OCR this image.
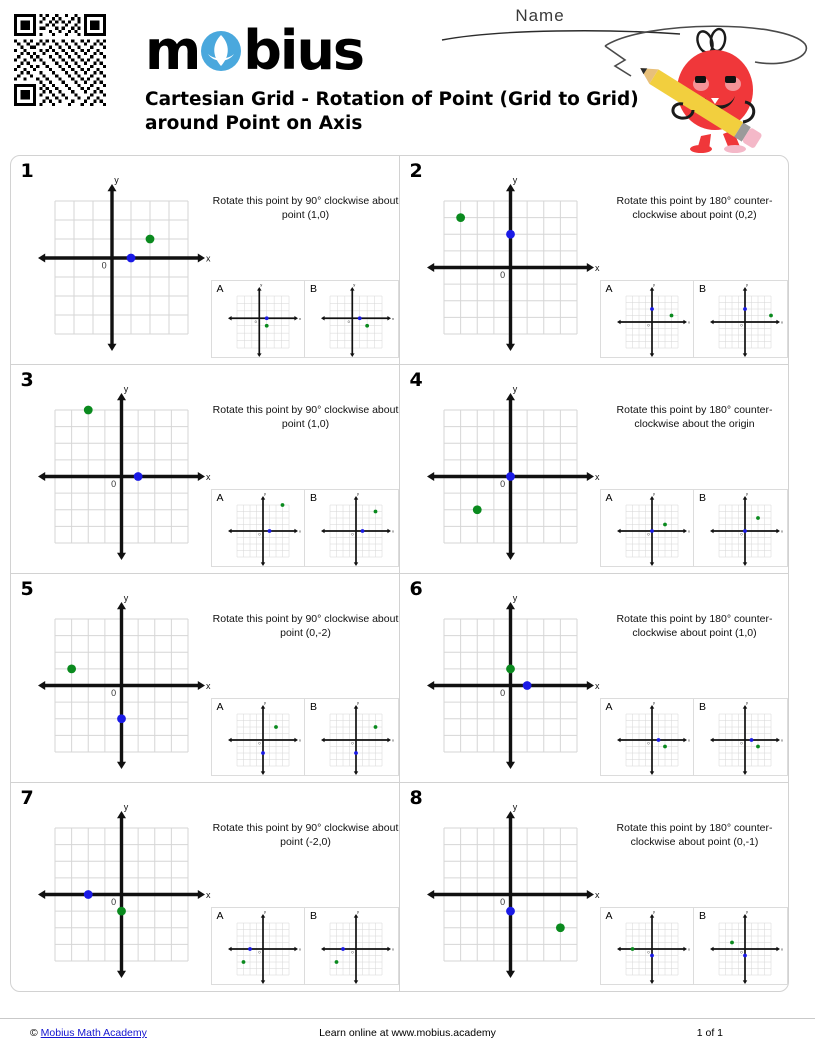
Name
m bius
Cartesian Grid - Rotation of Point (Grid to Grid) around Point on Axis
1
x
y
0
Rotate this point by 90° clockwise about point (1,0)
A
x
y
0
B
x
y
0
2
x
y
0
Rotate this point by 180° counter-clockwise about point (0,2)
A
x
y
0
B
x
y
0
3
x
y
0
Rotate this point by 90° clockwise about point (1,0)
A
x
y
0
B
x
y
0
4
x
y
0
Rotate this point by 180° counter-clockwise about the origin
A
x
y
0
B
x
y
0
5
x
y
0
Rotate this point by 90° clockwise about point (0,-2)
A
x
y
0
B
x
y
0
6
x
y
0
Rotate this point by 180° counter-clockwise about point (1,0)
A
x
y
0
B
x
y
0
7
x
y
0
Rotate this point by 90° clockwise about point (-2,0)
A
x
y
0
B
x
y
0
8
x
y
0
Rotate this point by 180° counter-clockwise about point (0,-1)
A
x
y
0
B
x
y
0
© Mobius Math Academy	Learn online at www.mobius.academy	1 of 1
